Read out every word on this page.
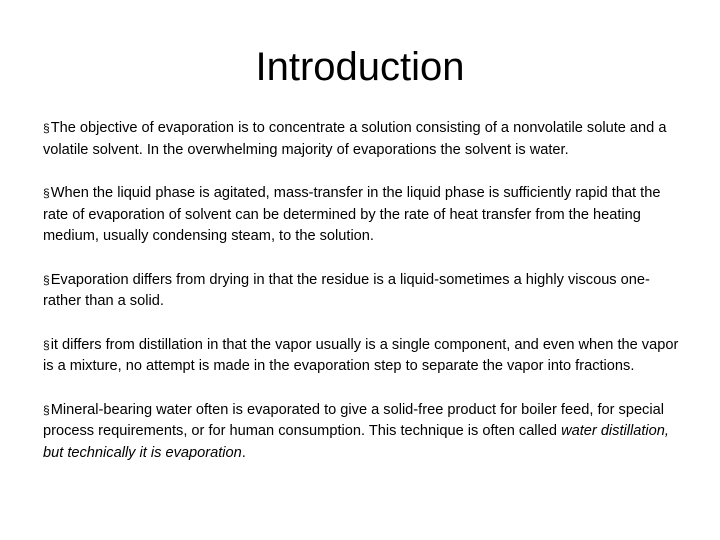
Introduction

§The objective of evaporation is to concentrate a solution consisting of a nonvolatile solute and a volatile solvent. In the overwhelming majority of evaporations the solvent is water.

§When the liquid phase is agitated, mass-transfer in the liquid phase is sufficiently rapid that the rate of evaporation of solvent can be determined by the rate of heat transfer from the heating medium, usually condensing steam, to the solution.

§Evaporation differs from drying in that the residue is a liquid-sometimes a highly viscous one-rather than a solid.

§it differs from distillation in that the vapor usually is a single component, and even when the vapor is a mixture, no attempt is made in the evaporation step to separate the vapor into fractions.

§Mineral-bearing water often is evaporated to give a solid-free product for boiler feed, for special process requirements, or for human consumption. This technique is often called water distillation, but technically it is evaporation.
